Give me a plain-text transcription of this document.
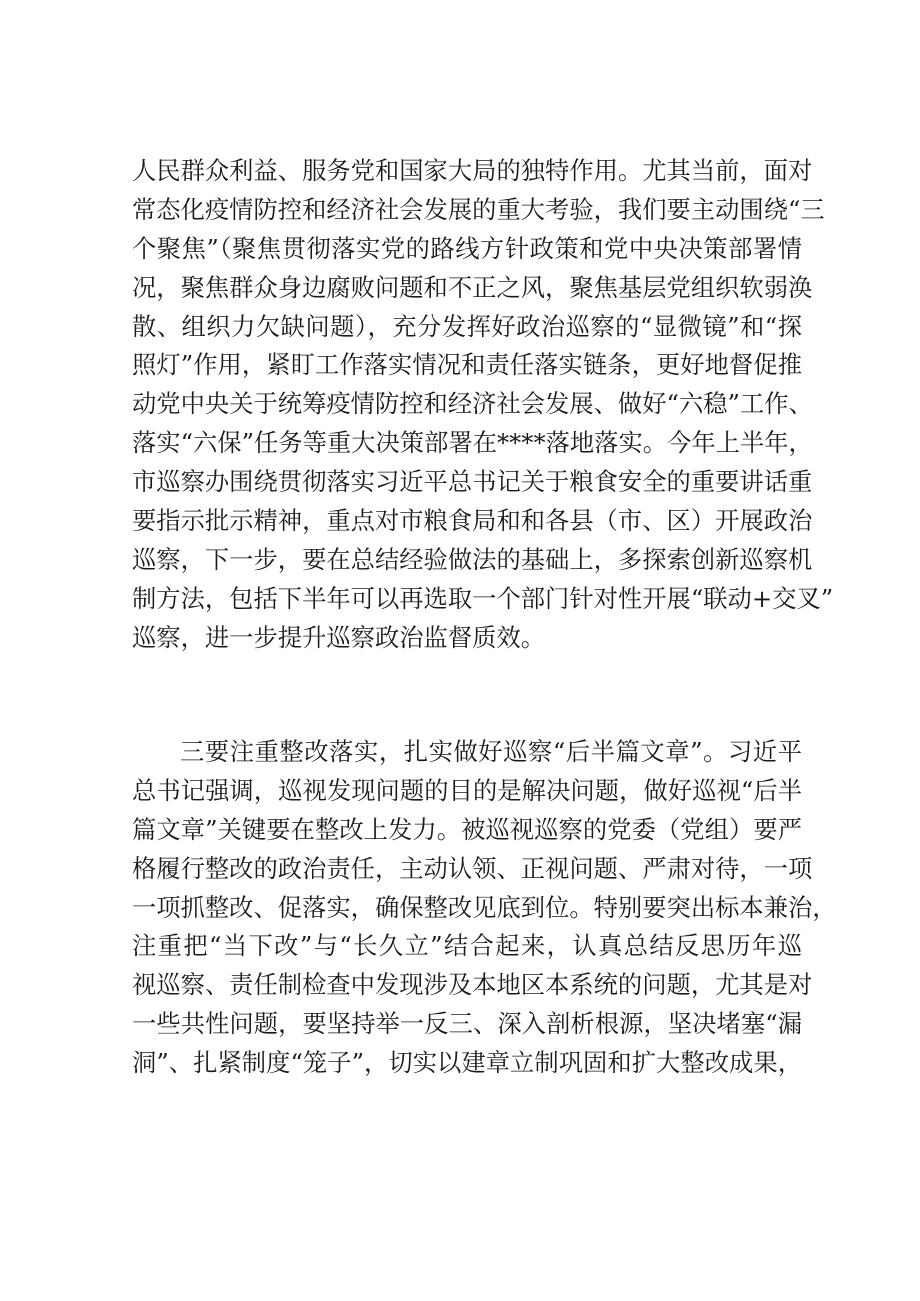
人民群众利益、服务党和国家大局的独特作用。尤其当前，面对
常态化疫情防控和经济社会发展的重大考验，我们要主动围绕“三
个聚焦”（聚焦贯彻落实党的路线方针政策和党中央决策部署情
况，聚焦群众身边腐败问题和不正之风，聚焦基层党组织软弱涣
散、组织力欠缺问题），充分发挥好政治巡察的“显微镜”和“探
照灯”作用，紧盯工作落实情况和责任落实链条，更好地督促推
动党中央关于统筹疫情防控和经济社会发展、做好“六稳”工作、
落实“六保”任务等重大决策部署在****落地落实。今年上半年，
市巡察办围绕贯彻落实习近平总书记关于粮食安全的重要讲话重
要指示批示精神，重点对市粮食局和和各县（市、区）开展政治
巡察，下一步，要在总结经验做法的基础上，多探索创新巡察机
制方法，包括下半年可以再选取一个部门针对性开展“联动+交叉”
巡察，进一步提升巡察政治监督质效。
三要注重整改落实，扎实做好巡察“后半篇文章”。习近平
总书记强调，巡视发现问题的目的是解决问题，做好巡视“后半
篇文章”关键要在整改上发力。被巡视巡察的党委（党组）要严
格履行整改的政治责任，主动认领、正视问题、严肃对待，一项
一项抓整改、促落实，确保整改见底到位。特别要突出标本兼治，
注重把“当下改”与“长久立”结合起来，认真总结反思历年巡
视巡察、责任制检查中发现涉及本地区本系统的问题，尤其是对
一些共性问题，要坚持举一反三、深入剖析根源，坚决堵塞“漏
洞”、扎紧制度“笼子”，切实以建章立制巩固和扩大整改成果，
